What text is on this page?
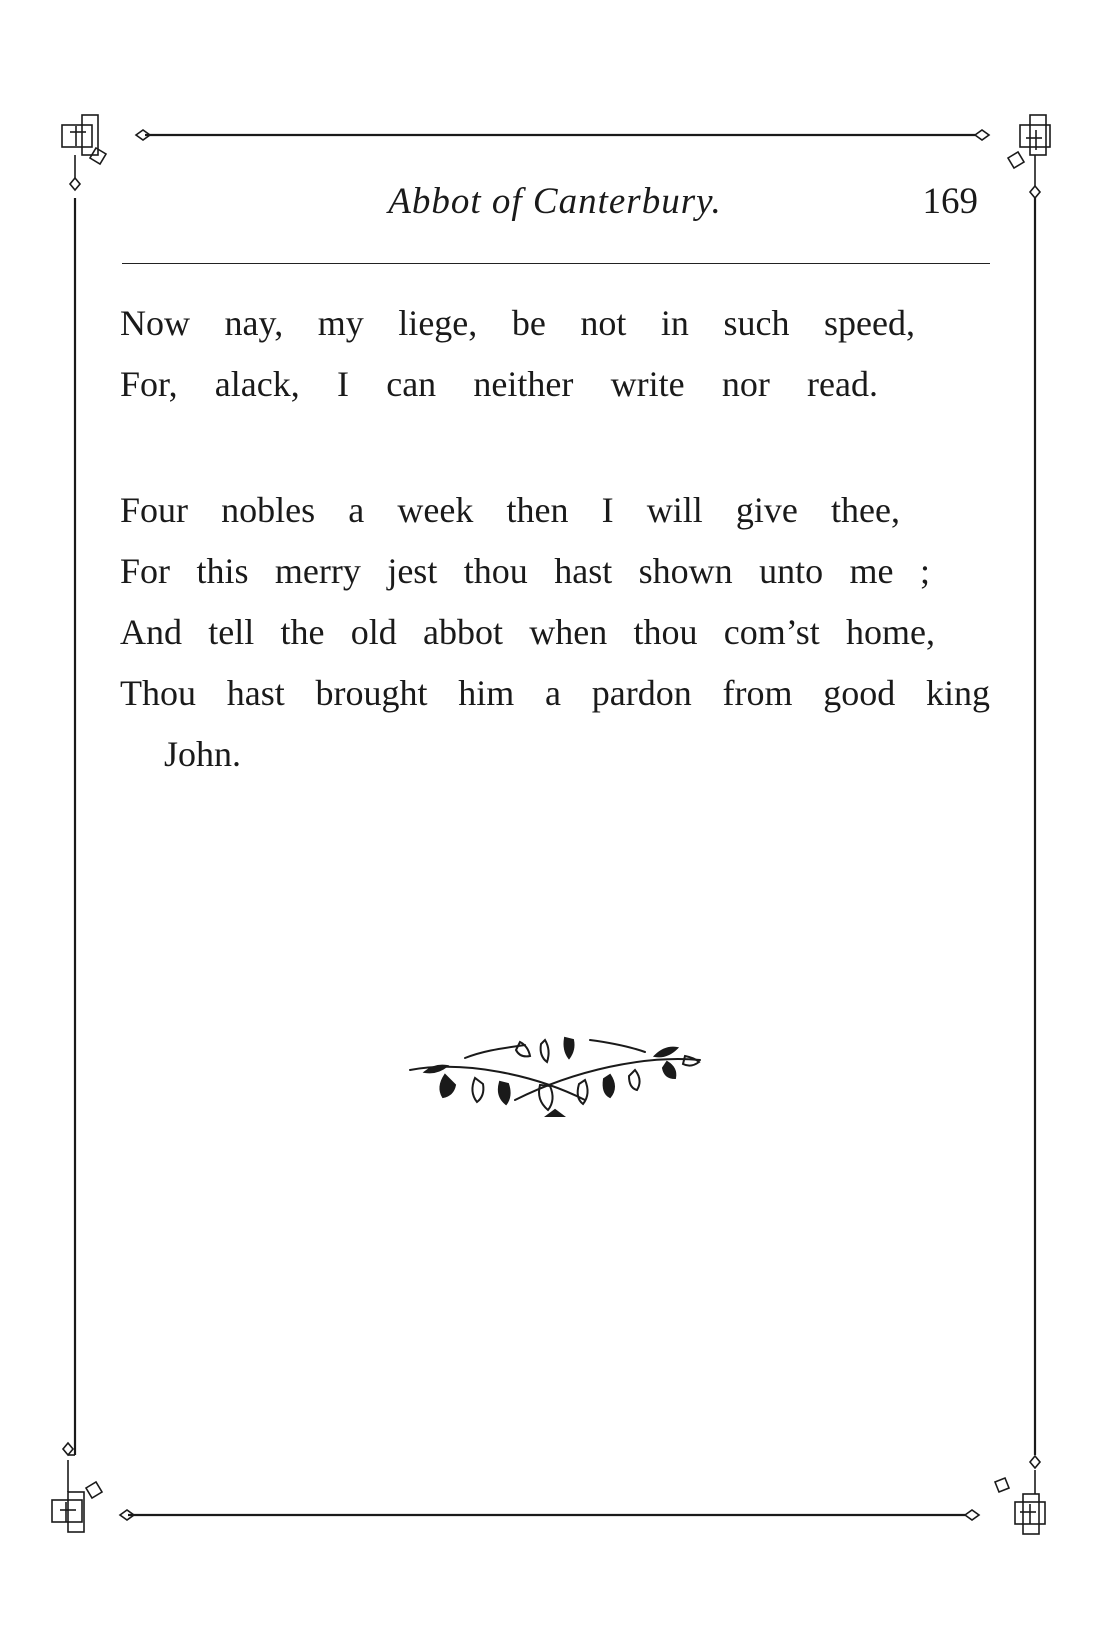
Abbot of Canterbury.	169
Now nay, my liege, be not in such speed,
For, alack, I can neither write nor read.
Four nobles a week then I will give thee,
For this merry jest thou hast shown unto me ;
And tell the old abbot when thou com’st home,
Thou hast brought him a pardon from good king
John.
